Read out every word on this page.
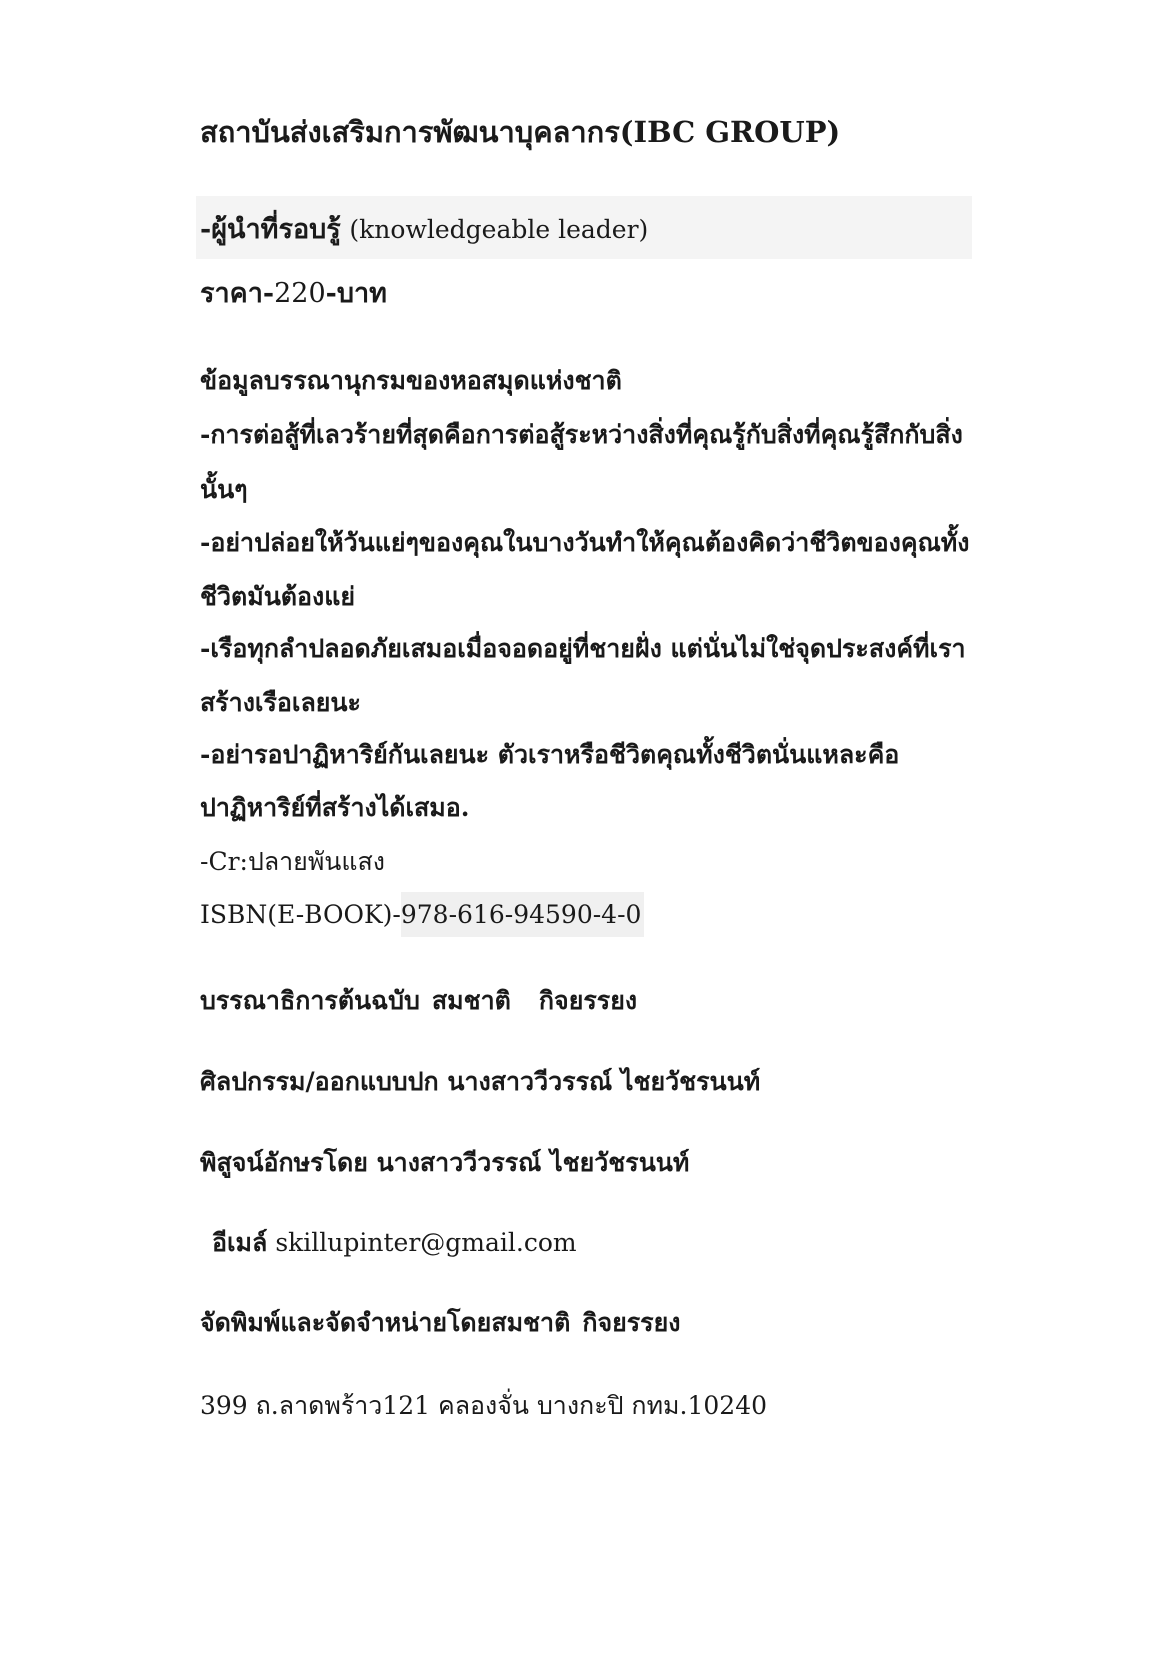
สถาบันส่งเสริมการพัฒนาบุคลากร(IBC GROUP)
-ผู้นำที่รอบรู้ (knowledgeable leader)
ราคา-220-บาท
ข้อมูลบรรณานุกรมของหอสมุดแห่งชาติ
-การต่อสู้ที่เลวร้ายที่สุดคือการต่อสู้ระหว่างสิ่งที่คุณรู้กับสิ่งที่คุณรู้สึกกับสิ่ง
นั้นๆ
-อย่าปล่อยให้วันแย่ๆของคุณในบางวันทำให้คุณต้องคิดว่าชีวิตของคุณทั้ง
ชีวิตมันต้องแย่
-เรือทุกลำปลอดภัยเสมอเมื่อจอดอยู่ที่ชายฝั่ง แต่นั่นไม่ใช่จุดประสงค์ที่เรา
สร้างเรือเลยนะ
-อย่ารอปาฏิหาริย์กันเลยนะ ตัวเราหรือชีวิตคุณทั้งชีวิตนั่นแหละคือ
ปาฏิหาริย์ที่สร้างได้เสมอ.
-Cr:ปลายพันแสง
ISBN(E-BOOK)-978-616-94590-4-0
บรรณาธิการต้นฉบับ สมชาติ กิจยรรยง
ศิลปกรรม/ออกแบบปก นางสาววีวรรณ์ ไชยวัชรนนท์
พิสูจน์อักษรโดย นางสาววีวรรณ์ ไชยวัชรนนท์
อีเมล์ skillupinter@gmail.com
จัดพิมพ์และจัดจำหน่ายโดยสมชาติ กิจยรรยง
399 ถ.ลาดพร้าว121 คลองจั่น บางกะปิ กทม.10240
